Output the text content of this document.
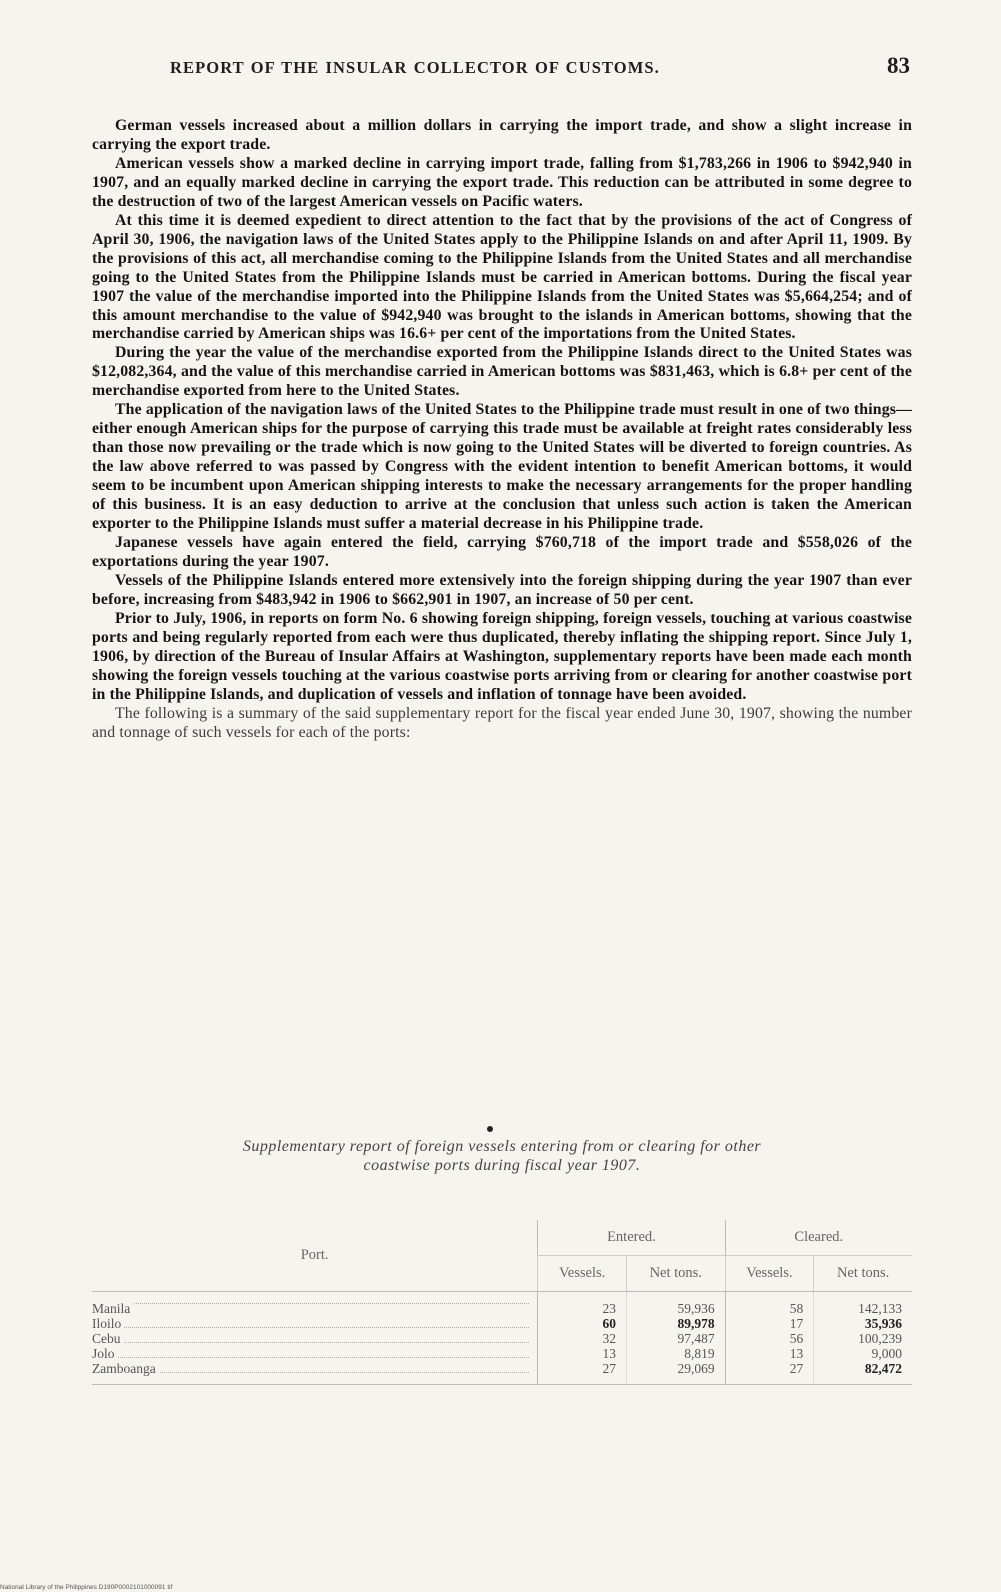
REPORT OF THE INSULAR COLLECTOR OF CUSTOMS.	83

German vessels increased about a million dollars in carrying the import trade, and show a slight increase in carrying the export trade.

American vessels show a marked decline in carrying import trade, falling from $1,783,266 in 1906 to $942,940 in 1907, and an equally marked decline in carrying the export trade. This reduction can be attributed in some degree to the destruction of two of the largest American vessels on Pacific waters.

At this time it is deemed expedient to direct attention to the fact that by the provisions of the act of Congress of April 30, 1906, the navigation laws of the United States apply to the Philippine Islands on and after April 11, 1909. By the provisions of this act, all merchandise coming to the Philippine Islands from the United States and all merchandise going to the United States from the Philippine Islands must be carried in American bottoms. During the fiscal year 1907 the value of the merchandise imported into the Philippine Islands from the United States was $5,664,254; and of this amount merchandise to the value of $942,940 was brought to the islands in American bottoms, showing that the merchandise carried by American ships was 16.6+ per cent of the importations from the United States.

During the year the value of the merchandise exported from the Philippine Islands direct to the United States was $12,082,364, and the value of this merchandise carried in American bottoms was $831,463, which is 6.8+ per cent of the merchandise exported from here to the United States.

The application of the navigation laws of the United States to the Philippine trade must result in one of two things—either enough American ships for the purpose of carrying this trade must be available at freight rates considerably less than those now prevailing or the trade which is now going to the United States will be diverted to foreign countries. As the law above referred to was passed by Congress with the evident intention to benefit American bottoms, it would seem to be incumbent upon American shipping interests to make the necessary arrangements for the proper handling of this business. It is an easy deduction to arrive at the conclusion that unless such action is taken the American exporter to the Philippine Islands must suffer a material decrease in his Philippine trade.

Japanese vessels have again entered the field, carrying $760,718 of the import trade and $558,026 of the exportations during the year 1907.

Vessels of the Philippine Islands entered more extensively into the foreign shipping during the year 1907 than ever before, increasing from $483,942 in 1906 to $662,901 in 1907, an increase of 50 per cent.

Prior to July, 1906, in reports on form No. 6 showing foreign shipping, foreign vessels, touching at various coastwise ports and being regularly reported from each were thus duplicated, thereby inflating the shipping report. Since July 1, 1906, by direction of the Bureau of Insular Affairs at Washington, supplementary reports have been made each month showing the foreign vessels touching at the various coastwise ports arriving from or clearing for another coastwise port in the Philippine Islands, and duplication of vessels and inflation of tonnage have been avoided.

The following is a summary of the said supplementary report for the fiscal year ended June 30, 1907, showing the number and tonnage of such vessels for each of the ports:

Supplementary report of foreign vessels entering from or clearing for other
coastwise ports during fiscal year 1907.
Port.	Entered.		Cleared.	
	Vessels.	Net tons.	Vessels.	Net tons.

Manila	23	59,936	58	142,133

Iloilo	60	89,978	17	35,936

Cebu	32	97,487	56	100,239

Jolo	13	8,819	13	9,000

Zamboanga	27	29,069	27	82,472
National Library of the Philippines D190P0002101000091 tif
